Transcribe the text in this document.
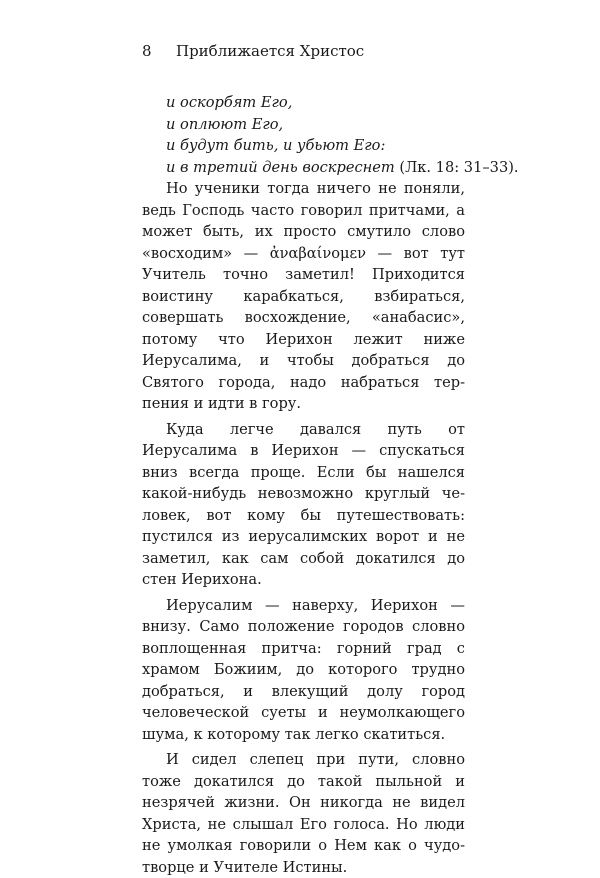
8 Приближается Христос
и оскорбят Его,
и оплюют Его,
и будут бить, и убьют Его:
и в третий день воскреснет (Лк. 18: 31–33).

Но ученики тогда ничего не поняли, ведь Господь часто говорил притчами, а может быть, их просто смутило слово «восходим» — ἀναβαίνομεν — вот тут Учитель точно заметил! Приходится воистину карабкаться, взбираться, совершать восхождение, «анабасис», потому что Иерихон лежит ниже Иерусалима, и чтобы добраться до Святого города, надо набраться терпения и идти в гору.

Куда легче давался путь от Иерусалима в Иерихон — спускаться вниз всегда проще. Если бы нашелся какой-нибудь невозможно круглый человек, вот кому бы путешествовать: пустился из иерусалимских ворот и не заметил, как сам собой докатился до стен Иерихона.

Иерусалим — наверху, Иерихон — внизу. Само положение городов словно воплощенная притча: горний град с храмом Божиим, до которого трудно добраться, и влекущий долу город человеческой суеты и неумолкающего шума, к которому так легко скатиться.

И сидел слепец при пути, словно тоже докатился до такой пыльной и незрячей жизни. Он никогда не видел Христа, не слышал Его голоса. Но люди не умолкая говорили о Нем как о чудотворце и Учителе Истины.
